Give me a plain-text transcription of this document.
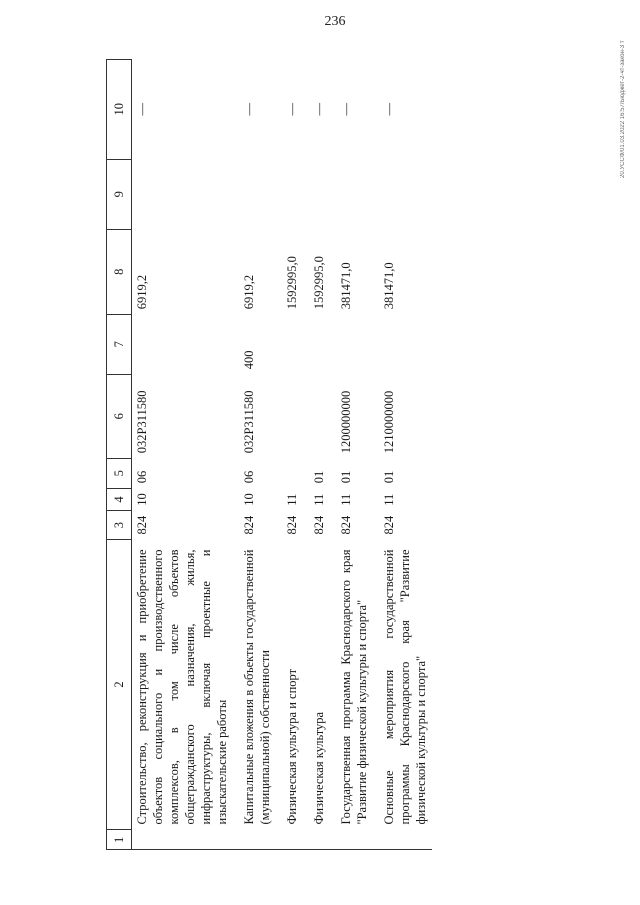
236
20.УССФ/01.03.2022 16:57/Бюджет-2-чт-закон-3 т
1	2	3	4	5	6	7	8	9	10
	Строительство, реконструкция и приобретение объектов социального и производственного комплексов, в том числе объектов общегражданского назначения, жилья, инфраструктуры, включая проектные и изыскательские работы	824	10	06	032P311580		6919,2		—
	Капитальные вложения в объекты государственной (муниципальной) собственности	824	10	06	032P311580	400	6919,2		—
	Физическая культура и спорт	824	11				1592995,0		—
	Физическая культура	824	11	01			1592995,0		—
	Государственная программа Краснодарского края "Развитие физической культуры и спорта"	824	11	01	1200000000		381471,0		—
	Основные мероприятия государственной программы Краснодарского края "Развитие физической культуры и спорта"	824	11	01	1210000000		381471,0		—
